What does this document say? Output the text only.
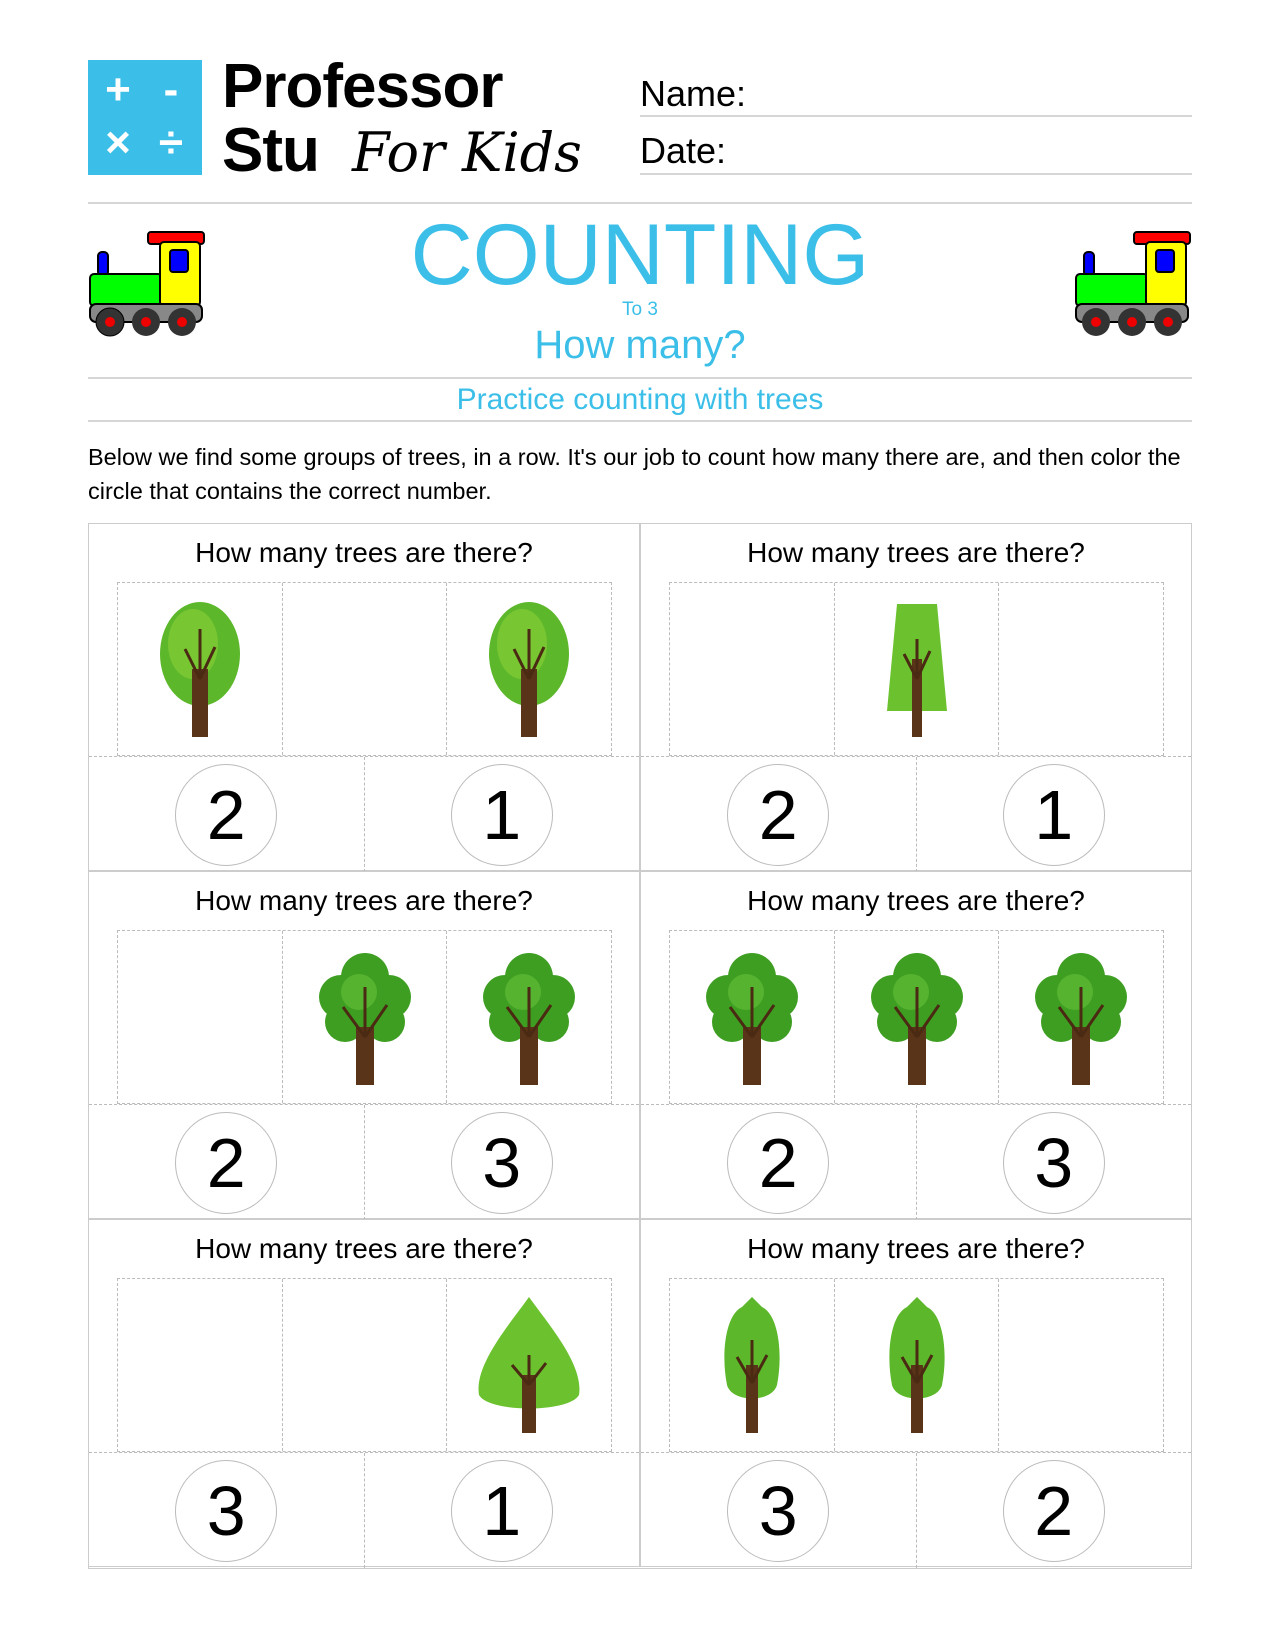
+ -
× ÷
Professor
Stu For Kids
Name:
Date:
COUNTING
To 3
How many?
Practice counting with trees
Below we find some groups of trees, in a row. It's our job to count how many there are, and then color the circle that contains the correct number.
How many trees are there?
2	1
How many trees are there?
2	1
How many trees are there?
2	3
How many trees are there?
2	3
How many trees are there?
3	1
How many trees are there?
3	2
